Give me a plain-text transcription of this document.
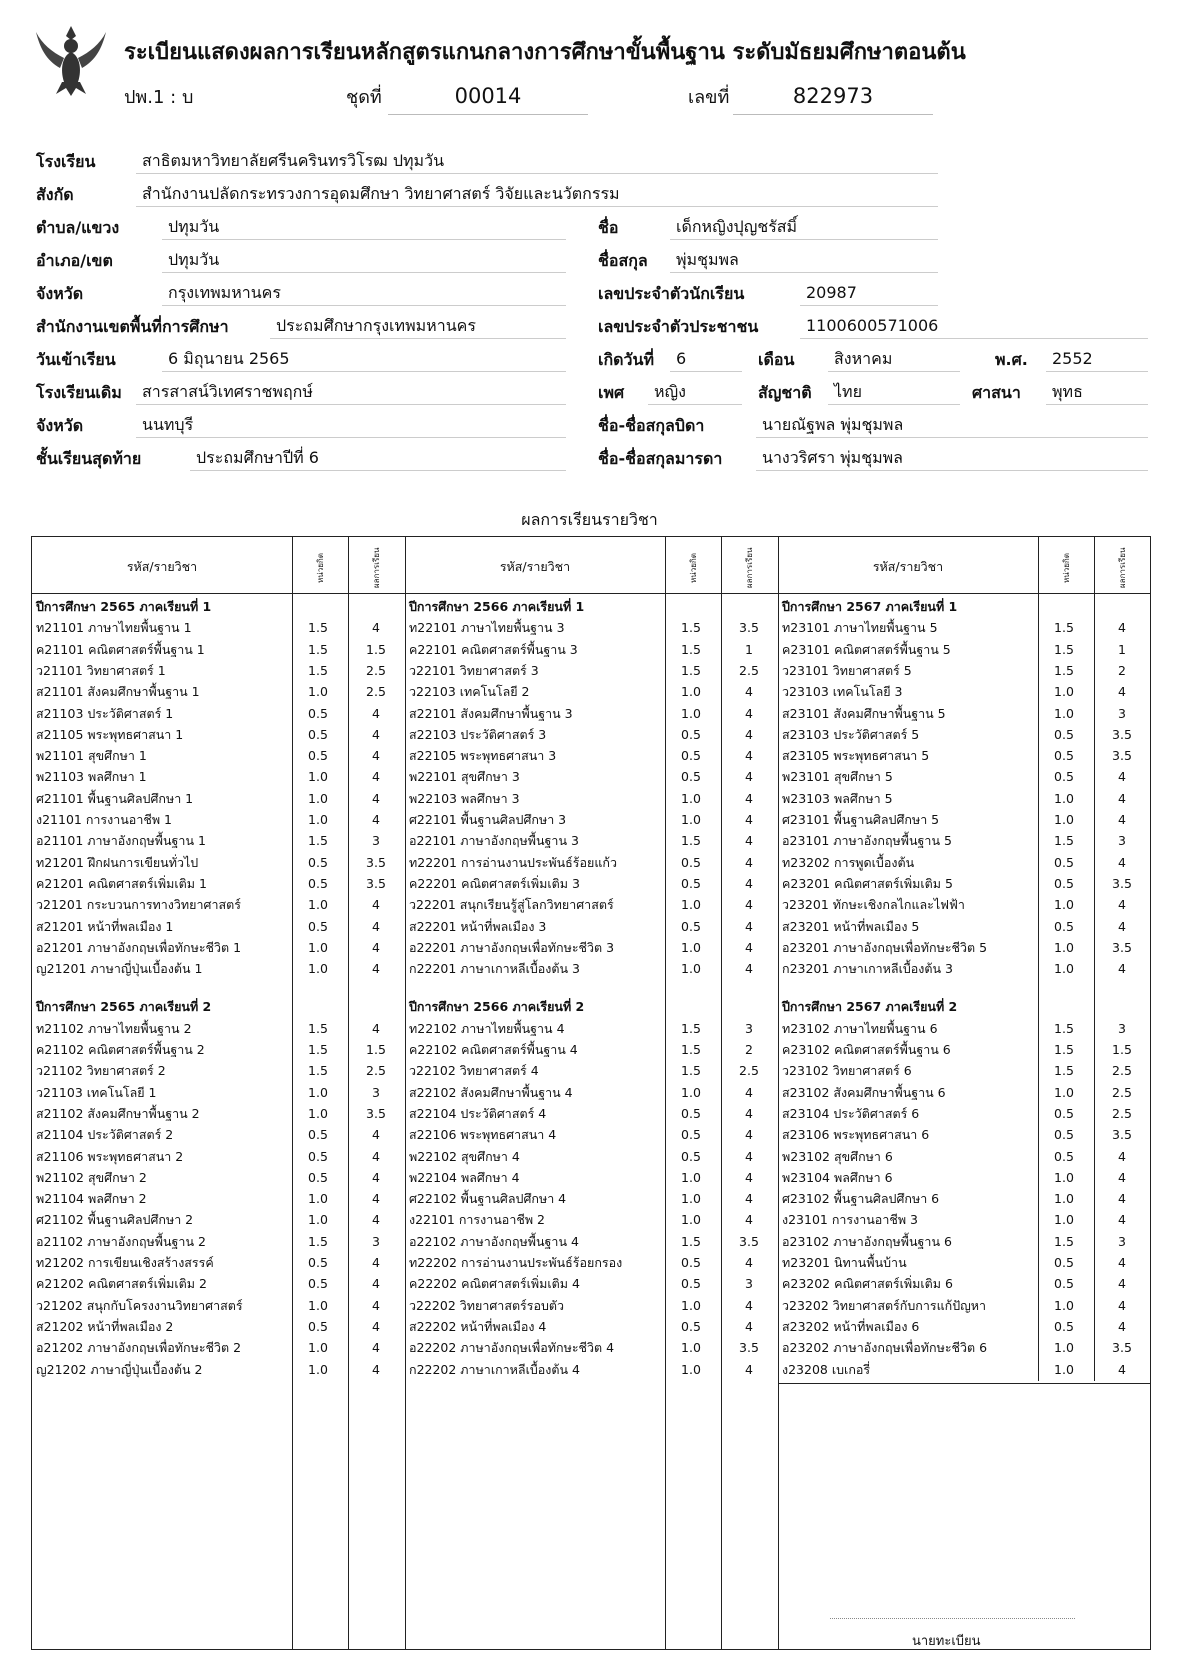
ระเบียนแสดงผลการเรียนหลักสูตรแกนกลางการศึกษาขั้นพื้นฐาน ระดับมัธยมศึกษาตอนต้น
ปพ.1 : บ	ชุดที่	00014	เลขที่	822973
โรงเรียน	สาธิตมหาวิทยาลัยศรีนครินทรวิโรฒ ปทุมวัน
สังกัด	สำนักงานปลัดกระทรวงการอุดมศึกษา วิทยาศาสตร์ วิจัยและนวัตกรรม
ตำบล/แขวง	ปทุมวัน
อำเภอ/เขต	ปทุมวัน
จังหวัด	กรุงเทพมหานคร
สำนักงานเขตพื้นที่การศึกษา	ประถมศึกษากรุงเทพมหานคร
วันเข้าเรียน	6 มิถุนายน 2565
โรงเรียนเดิม	สารสาสน์วิเทศราชพฤกษ์
จังหวัด	นนทบุรี
ชั้นเรียนสุดท้าย	ประถมศึกษาปีที่ 6
ชื่อ	เด็กหญิงปุญชรัสมิ์
ชื่อสกุล	พุ่มชุมพล
เลขประจำตัวนักเรียน	20987
เลขประจำตัวประชาชน	1100600571006
เกิดวันที่	6	เดือน	สิงหาคม	พ.ศ.	2552
เพศ	หญิง	สัญชาติ	ไทย	ศาสนา	พุทธ
ชื่อ-ชื่อสกุลบิดา	นายณัฐพล พุ่มชุมพล
ชื่อ-ชื่อสกุลมารดา	นางวริศรา พุ่มชุมพล
ผลการเรียนรายวิชา
รหัส/รายวิชา	หน่วยกิต	ผลการเรียน
ปีการศึกษา 2565 ภาคเรียนที่ 1
ท21101 ภาษาไทยพื้นฐาน 1	1.5	4
ค21101 คณิตศาสตร์พื้นฐาน 1	1.5	1.5
ว21101 วิทยาศาสตร์ 1	1.5	2.5
ส21101 สังคมศึกษาพื้นฐาน 1	1.0	2.5
ส21103 ประวัติศาสตร์ 1	0.5	4
ส21105 พระพุทธศาสนา 1	0.5	4
พ21101 สุขศึกษา 1	0.5	4
พ21103 พลศึกษา 1	1.0	4
ศ21101 พื้นฐานศิลปศึกษา 1	1.0	4
ง21101 การงานอาชีพ 1	1.0	4
อ21101 ภาษาอังกฤษพื้นฐาน 1	1.5	3
ท21201 ฝึกฝนการเขียนทั่วไป	0.5	3.5
ค21201 คณิตศาสตร์เพิ่มเติม 1	0.5	3.5
ว21201 กระบวนการทางวิทยาศาสตร์	1.0	4
ส21201 หน้าที่พลเมือง 1	0.5	4
อ21201 ภาษาอังกฤษเพื่อทักษะชีวิต 1	1.0	4
ญ21201 ภาษาญี่ปุ่นเบื้องต้น 1	1.0	4
ปีการศึกษา 2565 ภาคเรียนที่ 2
ท21102 ภาษาไทยพื้นฐาน 2	1.5	4
ค21102 คณิตศาสตร์พื้นฐาน 2	1.5	1.5
ว21102 วิทยาศาสตร์ 2	1.5	2.5
ว21103 เทคโนโลยี 1	1.0	3
ส21102 สังคมศึกษาพื้นฐาน 2	1.0	3.5
ส21104 ประวัติศาสตร์ 2	0.5	4
ส21106 พระพุทธศาสนา 2	0.5	4
พ21102 สุขศึกษา 2	0.5	4
พ21104 พลศึกษา 2	1.0	4
ศ21102 พื้นฐานศิลปศึกษา 2	1.0	4
อ21102 ภาษาอังกฤษพื้นฐาน 2	1.5	3
ท21202 การเขียนเชิงสร้างสรรค์	0.5	4
ค21202 คณิตศาสตร์เพิ่มเติม 2	0.5	4
ว21202 สนุกกับโครงงานวิทยาศาสตร์	1.0	4
ส21202 หน้าที่พลเมือง 2	0.5	4
อ21202 ภาษาอังกฤษเพื่อทักษะชีวิต 2	1.0	4
ญ21202 ภาษาญี่ปุ่นเบื้องต้น 2	1.0	4
รหัส/รายวิชา	หน่วยกิต	ผลการเรียน
ปีการศึกษา 2566 ภาคเรียนที่ 1
ท22101 ภาษาไทยพื้นฐาน 3	1.5	3.5
ค22101 คณิตศาสตร์พื้นฐาน 3	1.5	1
ว22101 วิทยาศาสตร์ 3	1.5	2.5
ว22103 เทคโนโลยี 2	1.0	4
ส22101 สังคมศึกษาพื้นฐาน 3	1.0	4
ส22103 ประวัติศาสตร์ 3	0.5	4
ส22105 พระพุทธศาสนา 3	0.5	4
พ22101 สุขศึกษา 3	0.5	4
พ22103 พลศึกษา 3	1.0	4
ศ22101 พื้นฐานศิลปศึกษา 3	1.0	4
อ22101 ภาษาอังกฤษพื้นฐาน 3	1.5	4
ท22201 การอ่านงานประพันธ์ร้อยแก้ว	0.5	4
ค22201 คณิตศาสตร์เพิ่มเติม 3	0.5	4
ว22201 สนุกเรียนรู้สู่โลกวิทยาศาสตร์	1.0	4
ส22201 หน้าที่พลเมือง 3	0.5	4
อ22201 ภาษาอังกฤษเพื่อทักษะชีวิต 3	1.0	4
ก22201 ภาษาเกาหลีเบื้องต้น 3	1.0	4
ปีการศึกษา 2566 ภาคเรียนที่ 2
ท22102 ภาษาไทยพื้นฐาน 4	1.5	3
ค22102 คณิตศาสตร์พื้นฐาน 4	1.5	2
ว22102 วิทยาศาสตร์ 4	1.5	2.5
ส22102 สังคมศึกษาพื้นฐาน 4	1.0	4
ส22104 ประวัติศาสตร์ 4	0.5	4
ส22106 พระพุทธศาสนา 4	0.5	4
พ22102 สุขศึกษา 4	0.5	4
พ22104 พลศึกษา 4	1.0	4
ศ22102 พื้นฐานศิลปศึกษา 4	1.0	4
ง22101 การงานอาชีพ 2	1.0	4
อ22102 ภาษาอังกฤษพื้นฐาน 4	1.5	3.5
ท22202 การอ่านงานประพันธ์ร้อยกรอง	0.5	4
ค22202 คณิตศาสตร์เพิ่มเติม 4	0.5	3
ว22202 วิทยาศาสตร์รอบตัว	1.0	4
ส22202 หน้าที่พลเมือง 4	0.5	4
อ22202 ภาษาอังกฤษเพื่อทักษะชีวิต 4	1.0	3.5
ก22202 ภาษาเกาหลีเบื้องต้น 4	1.0	4
รหัส/รายวิชา	หน่วยกิต	ผลการเรียน
ปีการศึกษา 2567 ภาคเรียนที่ 1
ท23101 ภาษาไทยพื้นฐาน 5	1.5	4
ค23101 คณิตศาสตร์พื้นฐาน 5	1.5	1
ว23101 วิทยาศาสตร์ 5	1.5	2
ว23103 เทคโนโลยี 3	1.0	4
ส23101 สังคมศึกษาพื้นฐาน 5	1.0	3
ส23103 ประวัติศาสตร์ 5	0.5	3.5
ส23105 พระพุทธศาสนา 5	0.5	3.5
พ23101 สุขศึกษา 5	0.5	4
พ23103 พลศึกษา 5	1.0	4
ศ23101 พื้นฐานศิลปศึกษา 5	1.0	4
อ23101 ภาษาอังกฤษพื้นฐาน 5	1.5	3
ท23202 การพูดเบื้องต้น	0.5	4
ค23201 คณิตศาสตร์เพิ่มเติม 5	0.5	3.5
ว23201 ทักษะเชิงกลไกและไฟฟ้า	1.0	4
ส23201 หน้าที่พลเมือง 5	0.5	4
อ23201 ภาษาอังกฤษเพื่อทักษะชีวิต 5	1.0	3.5
ก23201 ภาษาเกาหลีเบื้องต้น 3	1.0	4
ปีการศึกษา 2567 ภาคเรียนที่ 2
ท23102 ภาษาไทยพื้นฐาน 6	1.5	3
ค23102 คณิตศาสตร์พื้นฐาน 6	1.5	1.5
ว23102 วิทยาศาสตร์ 6	1.5	2.5
ส23102 สังคมศึกษาพื้นฐาน 6	1.0	2.5
ส23104 ประวัติศาสตร์ 6	0.5	2.5
ส23106 พระพุทธศาสนา 6	0.5	3.5
พ23102 สุขศึกษา 6	0.5	4
พ23104 พลศึกษา 6	1.0	4
ศ23102 พื้นฐานศิลปศึกษา 6	1.0	4
ง23101 การงานอาชีพ 3	1.0	4
อ23102 ภาษาอังกฤษพื้นฐาน 6	1.5	3
ท23201 นิทานพื้นบ้าน	0.5	4
ค23202 คณิตศาสตร์เพิ่มเติม 6	0.5	4
ว23202 วิทยาศาสตร์กับการแก้ปัญหา	1.0	4
ส23202 หน้าที่พลเมือง 6	0.5	4
อ23202 ภาษาอังกฤษเพื่อทักษะชีวิต 6	1.0	3.5
ง23208 เบเกอรี่	1.0	4
นายทะเบียน
